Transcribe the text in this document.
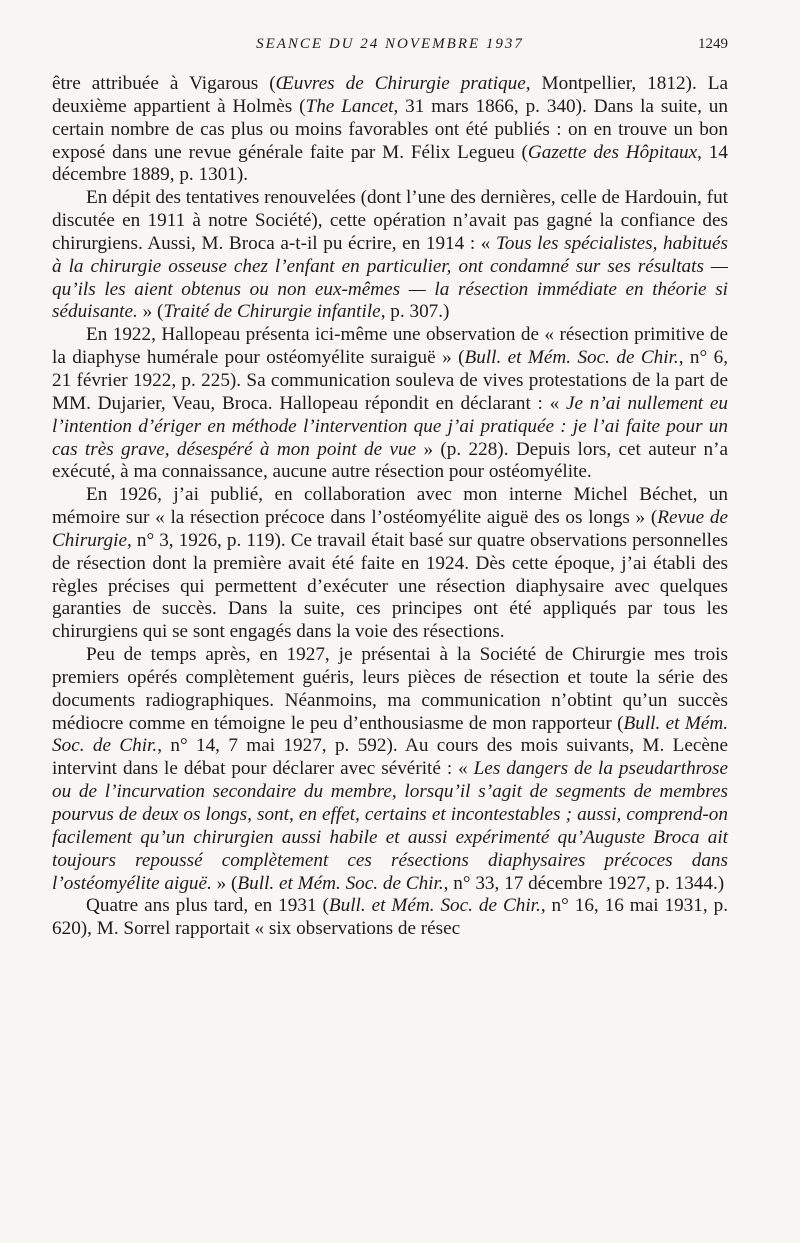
SEANCE DU 24 NOVEMBRE 1937	1249

être attribuée à Vigarous (Œuvres de Chirurgie pratique, Montpellier, 1812). La deuxième appartient à Holmès (The Lancet, 31 mars 1866, p. 340). Dans la suite, un certain nombre de cas plus ou moins favorables ont été publiés : on en trouve un bon exposé dans une revue générale faite par M. Félix Legueu (Gazette des Hôpitaux, 14 décembre 1889, p. 1301).

En dépit des tentatives renouvelées (dont l’une des dernières, celle de Hardouin, fut discutée en 1911 à notre Société), cette opération n’avait pas gagné la confiance des chirurgiens. Aussi, M. Broca a-t-il pu écrire, en 1914 : « Tous les spécialistes, habitués à la chirurgie osseuse chez l’enfant en particulier, ont condamné sur ses résultats — qu’ils les aient obtenus ou non eux-mêmes — la résection immédiate en théorie si séduisante. » (Traité de Chirurgie infantile, p. 307.)

En 1922, Hallopeau présenta ici-même une observation de « résection primitive de la diaphyse humérale pour ostéomyélite suraiguë » (Bull. et Mém. Soc. de Chir., n° 6, 21 février 1922, p. 225). Sa communication souleva de vives protestations de la part de MM. Dujarier, Veau, Broca. Hallopeau répondit en déclarant : « Je n’ai nullement eu l’intention d’ériger en méthode l’intervention que j’ai pratiquée : je l’ai faite pour un cas très grave, désespéré à mon point de vue » (p. 228). Depuis lors, cet auteur n’a exécuté, à ma connaissance, aucune autre résection pour ostéomyélite.

En 1926, j’ai publié, en collaboration avec mon interne Michel Béchet, un mémoire sur « la résection précoce dans l’ostéomyélite aiguë des os longs » (Revue de Chirurgie, n° 3, 1926, p. 119). Ce travail était basé sur quatre observations personnelles de résection dont la première avait été faite en 1924. Dès cette époque, j’ai établi des règles précises qui permettent d’exécuter une résection diaphysaire avec quelques garanties de succès. Dans la suite, ces principes ont été appliqués par tous les chirurgiens qui se sont engagés dans la voie des résections.

Peu de temps après, en 1927, je présentai à la Société de Chirurgie mes trois premiers opérés complètement guéris, leurs pièces de résection et toute la série des documents radiographiques. Néanmoins, ma communication n’obtint qu’un succès médiocre comme en témoigne le peu d’enthousiasme de mon rapporteur (Bull. et Mém. Soc. de Chir., n° 14, 7 mai 1927, p. 592). Au cours des mois suivants, M. Lecène intervint dans le débat pour déclarer avec sévérité : « Les dangers de la pseudarthrose ou de l’incurvation secondaire du membre, lorsqu’il s’agit de segments de membres pourvus de deux os longs, sont, en effet, certains et incontestables ; aussi, comprend-on facilement qu’un chirurgien aussi habile et aussi expérimenté qu’Auguste Broca ait toujours repoussé complètement ces résections diaphysaires précoces dans l’ostéomyélite aiguë. » (Bull. et Mém. Soc. de Chir., n° 33, 17 décembre 1927, p. 1344.)

Quatre ans plus tard, en 1931 (Bull. et Mém. Soc. de Chir., n° 16, 16 mai 1931, p. 620), M. Sorrel rapportait « six observations de résec
